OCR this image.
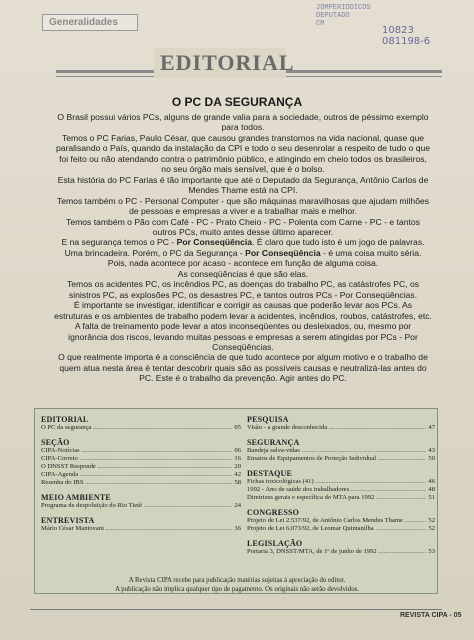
Generalidades
JOMPERIODICOS
DEPUTADO
CM
10823
081198-6
EDITORIAL
O PC DA SEGURANÇA

O Brasil possui vários PCs, alguns de grande valia para a sociedade, outros de péssimo exemplo para todos.

Temos o PC Farias, Paulo César, que causou grandes transtornos na vida nacional, quase que paralisando o País, quando da instalação da CPI e todo o seu desenrolar a respeito de tudo o que foi feito ou não atendando contra o patrimônio público, e atingindo em cheio todos os brasileiros, no seu órgão mais sensível, que é o bolso.

Esta história do PC Farias é tão importante que até o Deputado da Segurança, Antônio Carlos de Mendes Thame está na CPI.

Temos também o PC - Personal Computer - que são máquinas maravilhosas que ajudam milhões de pessoas e empresas a viver e a trabalhar mais e melhor.

Temos também o Pão com Café - PC - Prato Cheio - PC - Polenta com Carne - PC - e tantos outros PCs, muito antes desse último aparecer.

E na segurança temos o PC - Por Conseqüência. É claro que tudo isto é um jogo de palavras. Uma brincadeira. Porém, o PC da Segurança - Por Conseqüência - é uma coisa muito séria. Pois, nada acontece por acaso - acontece em função de alguma coisa.

As conseqüências é que são elas.

Temos os acidentes PC, os incêndios PC, as doenças do trabalho PC, as catástrofes PC, os sinistros PC, as explosões PC, os desastres PC, e tantos outros PCs - Por Conseqüências.

É importante se investigar, identificar e corrigir as causas que poderão levar aos PCs. As estruturas e os ambientes de trabalho podem levar a acidentes, incêndios, roubos, catástrofes, etc. A falta de treinamento pode levar a atos inconseqüentes ou desleixados, ou, mesmo por ignorância dos riscos, levando muitas pessoas e empresas a serem atingidas por PCs - Por Conseqüências.

O que realmente importa é a consciência de que tudo acontece por algum motivo e o trabalho de quem atua nesta área é tentar descobrir quais são as possíveis causas e neutralizá-las antes do PC. Este é o trabalho da prevenção. Agir antes do PC.

EDITORIAL
O PC da segurança .....	05
SEÇÃO
CIPA-Notícias .....	06
CIPA-Correio .....	16
O DNSST Responde .....	20
CIPA-Agenda .....	42
Resenha do IBS .....	58
MEIO AMBIENTE
Programa de despoluição do Rio Tietê .....	24
ENTREVISTA
Mário César Mantovani .....	36
PESQUISA
Visão - a grande desconhecida .....	47
SEGURANÇA
Bandeja salva-vidas .....	43
Ensaios de Equipamentos de Proteção Individual .....	50
DESTAQUE
Fichas toxicológicas (41) .....	46
1992 - Ano de saúde dos trabalhadores .....	48
Diretrizes gerais e específica do MTA para 1992 .....	51
CONGRESSO
Projeto de Lei 2.537/92, de Antônio Carlos Mendes Thame .....	52
Projeto de Lei 6.073/92, de Leomar Quintanilha .....	52
LEGISLAÇÃO
Portaria 3, DNSST/MTA, de 1º de junho de 1992 .....	53
A Revista CIPA recebe para publicação matérias sujeitas à apreciação do editor.
A publicação não implica qualquer tipo de pagamento. Os originais não serão devolvidos.
REVISTA CIPA - 05
